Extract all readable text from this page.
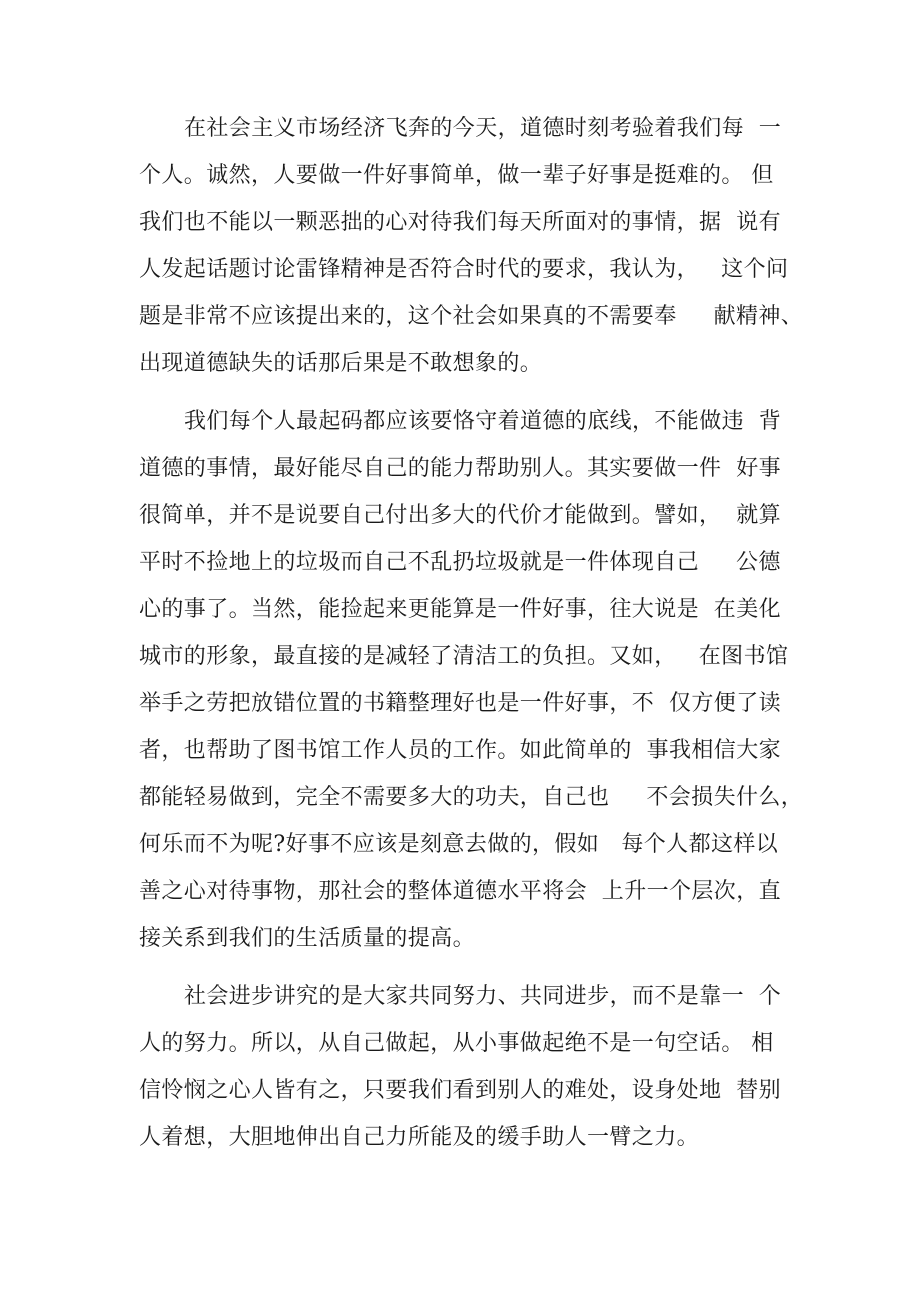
在社会主义市场经济飞奔的今天，道德时刻考验着我们每  一
个人。诚然，人要做一件好事简单，做一辈子好事是挺难的。 但
我们也不能以一颗恶拙的心对待我们每天所面对的事情，据  说有
人发起话题讨论雷锋精神是否符合时代的要求，我认为，   这个问
题是非常不应该提出来的，这个社会如果真的不需要奉     献精神、
出现道德缺失的话那后果是不敢想象的。
我们每个人最起码都应该要恪守着道德的底线，不能做违  背
道德的事情，最好能尽自己的能力帮助别人。其实要做一件  好事
很简单，并不是说要自己付出多大的代价才能做到。譬如，  就算
平时不捡地上的垃圾而自己不乱扔垃圾就是一件体现自己     公德
心的事了。当然，能捡起来更能算是一件好事，往大说是  在美化
城市的形象，最直接的是减轻了清洁工的负担。又如，   在图书馆
举手之劳把放错位置的书籍整理好也是一件好事，不  仅方便了读
者，也帮助了图书馆工作人员的工作。如此简单的  事我相信大家
都能轻易做到，完全不需要多大的功夫，自己也     不会损失什么，
何乐而不为呢?好事不应该是刻意去做的，假如   每个人都这样以
善之心对待事物，那社会的整体道德水平将会  上升一个层次，直
接关系到我们的生活质量的提高。
社会进步讲究的是大家共同努力、共同进步，而不是靠一  个
人的努力。所以，从自己做起，从小事做起绝不是一句空话。 相
信怜悯之心人皆有之，只要我们看到别人的难处，设身处地  替别
人着想，大胆地伸出自己力所能及的缓手助人一臂之力。
